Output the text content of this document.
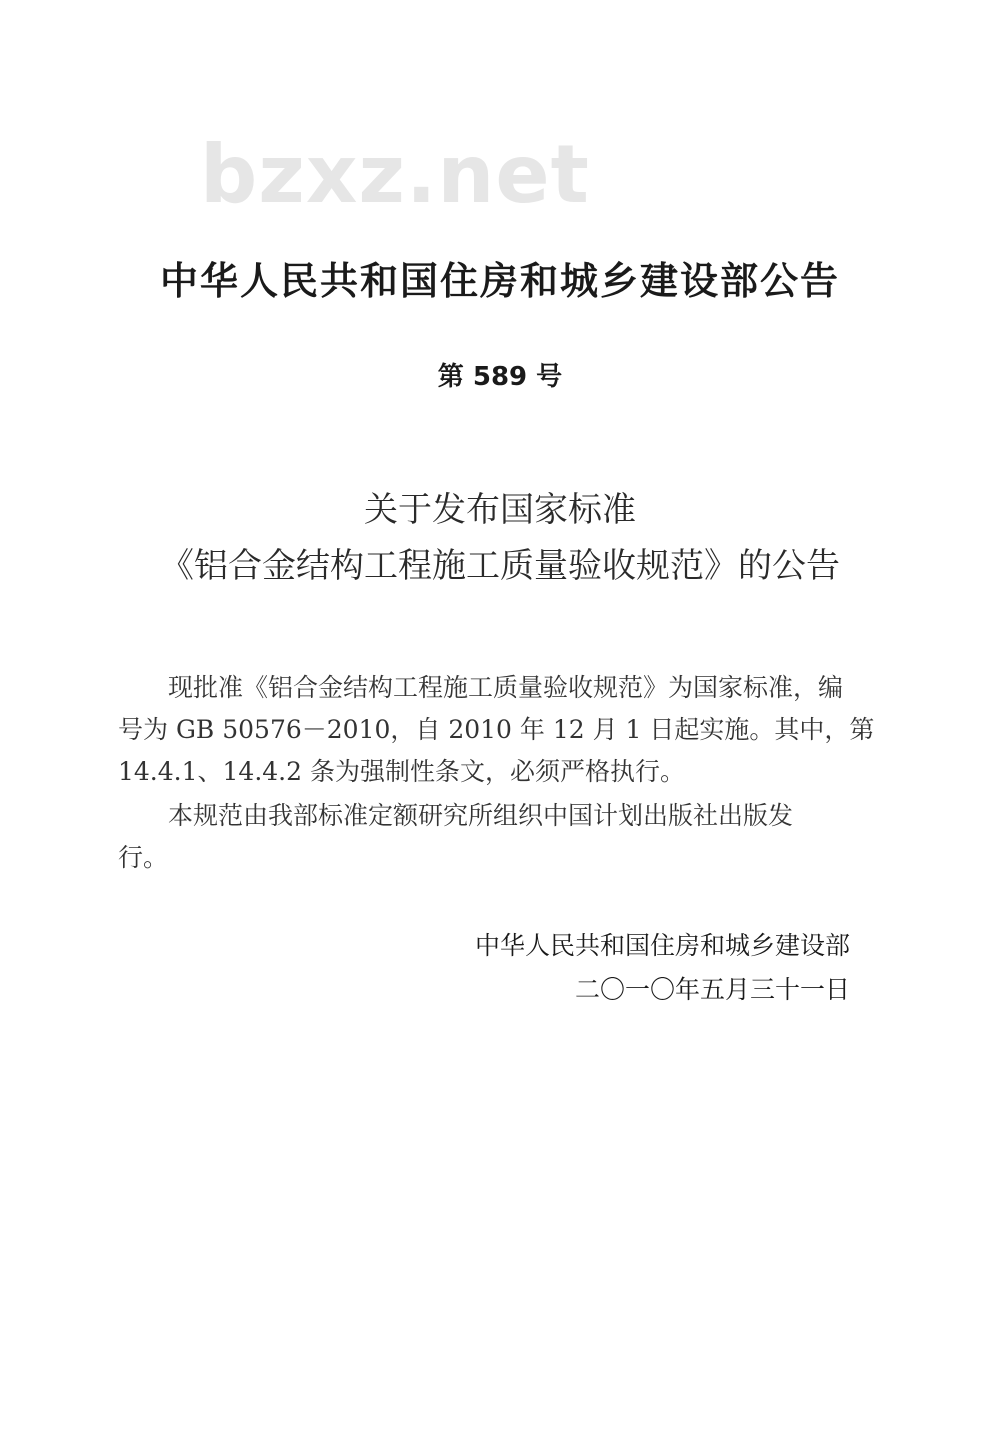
bzxz.net
中华人民共和国住房和城乡建设部公告
第 589 号
关于发布国家标准
《铝合金结构工程施工质量验收规范》的公告
现批准《铝合金结构工程施工质量验收规范》为国家标准，编
号为 GB 50576－2010，自 2010 年 12 月 1 日起实施。其中，第
14.4.1、14.4.2 条为强制性条文，必须严格执行。
本规范由我部标准定额研究所组织中国计划出版社出版发
行。
中华人民共和国住房和城乡建设部
二〇一〇年五月三十一日
